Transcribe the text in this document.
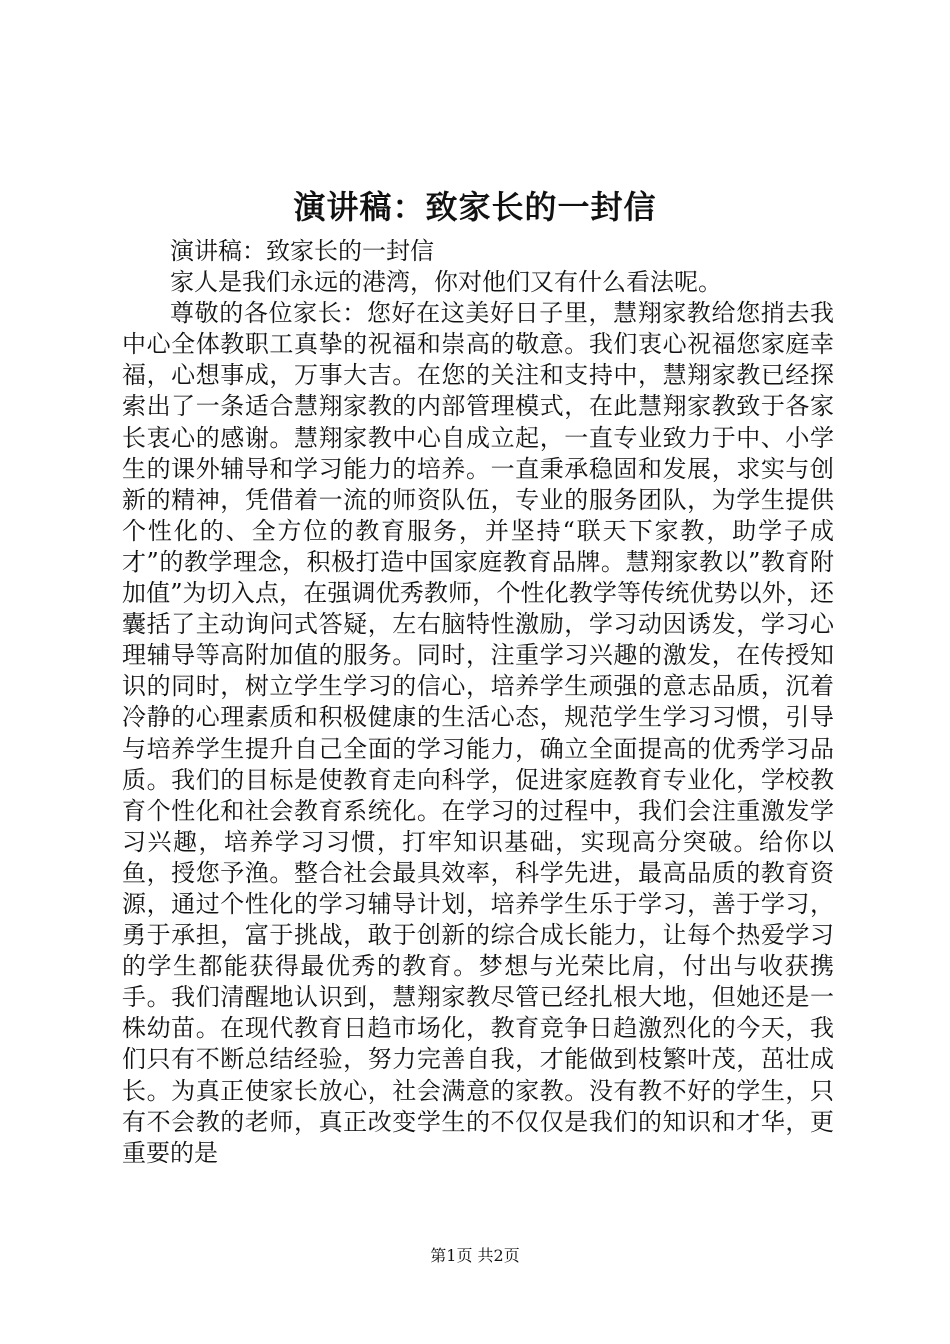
演讲稿：致家长的一封信

演讲稿：致家长的一封信

家人是我们永远的港湾，你对他们又有什么看法呢。

尊敬的各位家长：您好在这美好日子里，慧翔家教给您捎去我中心全体教职工真挚的祝福和崇高的敬意。我们衷心祝福您家庭幸福，心想事成，万事大吉。在您的关注和支持中，慧翔家教已经探索出了一条适合慧翔家教的内部管理模式，在此慧翔家教致于各家长衷心的感谢。慧翔家教中心自成立起，一直专业致力于中、小学生的课外辅导和学习能力的培养。一直秉承稳固和发展，求实与创新的精神，凭借着一流的师资队伍，专业的服务团队，为学生提供个性化的、全方位的教育服务，并坚持“联天下家教，助学子成才”的教学理念，积极打造中国家庭教育品牌。慧翔家教以”教育附加值”为切入点，在强调优秀教师，个性化教学等传统优势以外，还囊括了主动询问式答疑，左右脑特性激励，学习动因诱发，学习心理辅导等高附加值的服务。同时，注重学习兴趣的激发，在传授知识的同时，树立学生学习的信心，培养学生顽强的意志品质，沉着冷静的心理素质和积极健康的生活心态，规范学生学习习惯，引导与培养学生提升自己全面的学习能力，确立全面提高的优秀学习品质。我们的目标是使教育走向科学，促进家庭教育专业化，学校教育个性化和社会教育系统化。在学习的过程中，我们会注重激发学习兴趣，培养学习习惯，打牢知识基础，实现高分突破。给你以鱼，授您予渔。整合社会最具效率，科学先进，最高品质的教育资源，通过个性化的学习辅导计划，培养学生乐于学习，善于学习，勇于承担，富于挑战，敢于创新的综合成长能力，让每个热爱学习的学生都能获得最优秀的教育。梦想与光荣比肩，付出与收获携手。我们清醒地认识到，慧翔家教尽管已经扎根大地，但她还是一株幼苗。在现代教育日趋市场化，教育竞争日趋激烈化的今天，我们只有不断总结经验，努力完善自我，才能做到枝繁叶茂，茁壮成长。为真正使家长放心，社会满意的家教。没有教不好的学生，只有不会教的老师，真正改变学生的不仅仅是我们的知识和才华，更重要的是

第1页 共2页
